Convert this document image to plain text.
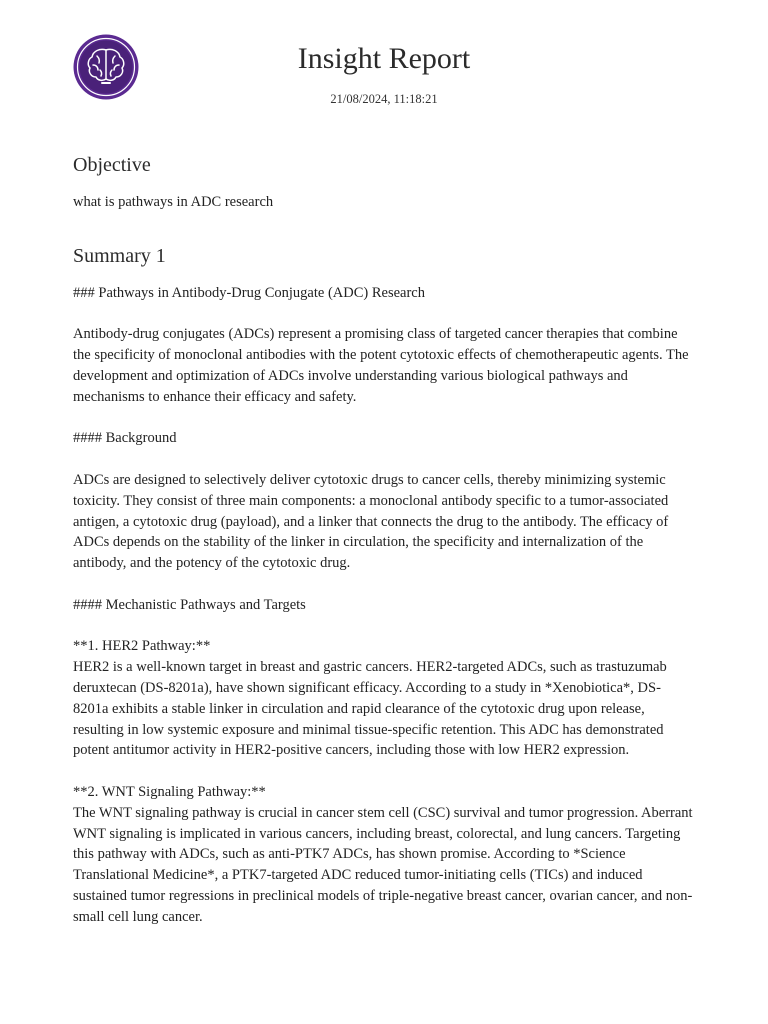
Insight Report
21/08/2024, 11:18:21
Objective

what is pathways in ADC research

Summary 1
### Pathways in Antibody-Drug Conjugate (ADC) Research

Antibody-drug conjugates (ADCs) represent a promising class of targeted cancer therapies that combine the specificity of monoclonal antibodies with the potent cytotoxic effects of chemotherapeutic agents. The development and optimization of ADCs involve understanding various biological pathways and mechanisms to enhance their efficacy and safety.

#### Background

ADCs are designed to selectively deliver cytotoxic drugs to cancer cells, thereby minimizing systemic toxicity. They consist of three main components: a monoclonal antibody specific to a tumor-associated antigen, a cytotoxic drug (payload), and a linker that connects the drug to the antibody. The efficacy of ADCs depends on the stability of the linker in circulation, the specificity and internalization of the antibody, and the potency of the cytotoxic drug.

#### Mechanistic Pathways and Targets

**1. HER2 Pathway:**
HER2 is a well-known target in breast and gastric cancers. HER2-targeted ADCs, such as trastuzumab deruxtecan (DS-8201a), have shown significant efficacy. According to a study in *Xenobiotica*, DS-8201a exhibits a stable linker in circulation and rapid clearance of the cytotoxic drug upon release, resulting in low systemic exposure and minimal tissue-specific retention. This ADC has demonstrated potent antitumor activity in HER2-positive cancers, including those with low HER2 expression.

**2. WNT Signaling Pathway:**
The WNT signaling pathway is crucial in cancer stem cell (CSC) survival and tumor progression. Aberrant WNT signaling is implicated in various cancers, including breast, colorectal, and lung cancers. Targeting this pathway with ADCs, such as anti-PTK7 ADCs, has shown promise. According to *Science Translational Medicine*, a PTK7-targeted ADC reduced tumor-initiating cells (TICs) and induced sustained tumor regressions in preclinical models of triple-negative breast cancer, ovarian cancer, and non-small cell lung cancer.
